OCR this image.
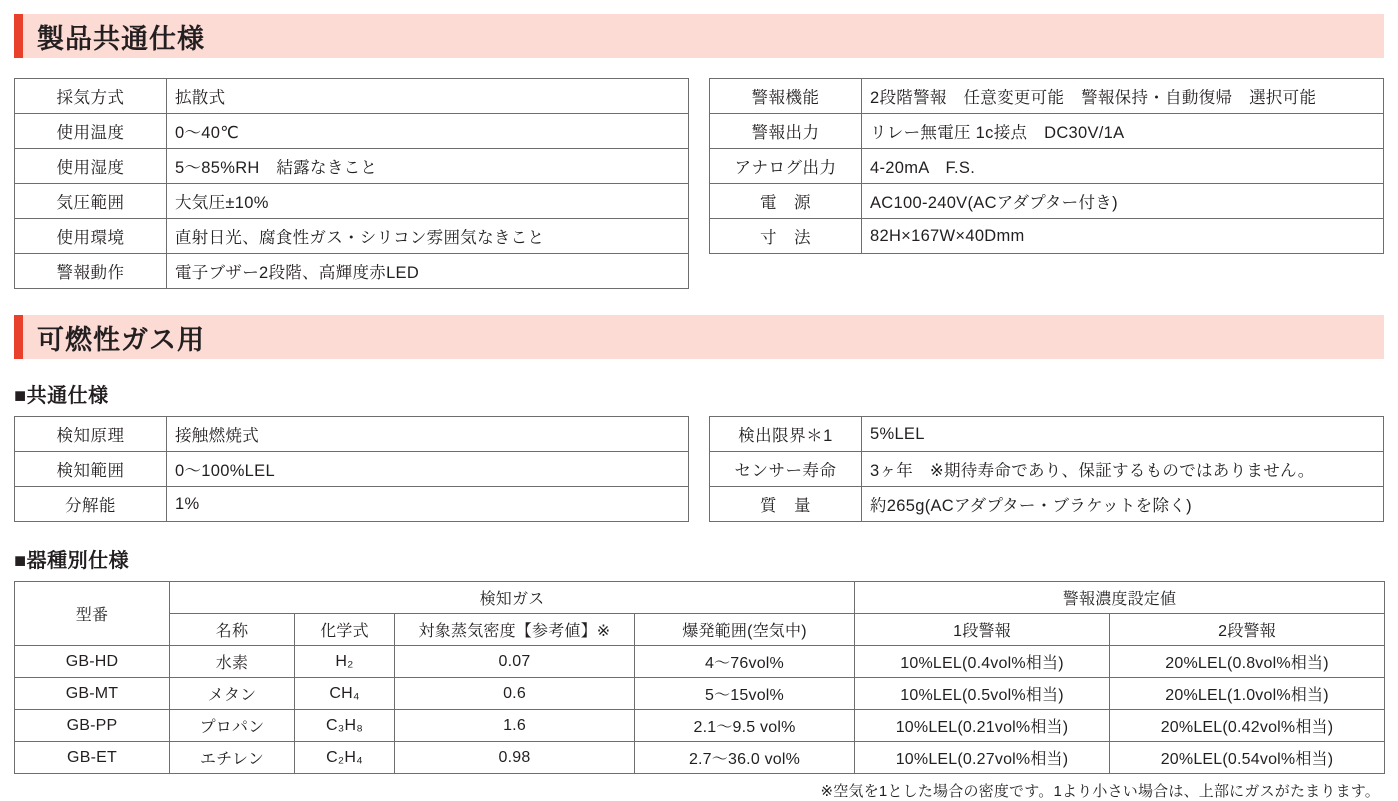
製品共通仕様
採気方式	拡散式
使用温度	0〜40℃
使用湿度	5〜85%RH　結露なきこと
気圧範囲	大気圧±10%
使用環境	直射日光、腐食性ガス・シリコン雰囲気なきこと
警報動作	電子ブザー2段階、高輝度赤LED
警報機能	2段階警報　任意変更可能　警報保持・自動復帰　選択可能
警報出力	リレー無電圧 1c接点　DC30V/1A
アナログ出力	4-20mA　F.S.
電　源	AC100-240V(ACアダプター付き)
寸　法	82H×167W×40Dmm
可燃性ガス用
■共通仕様
検知原理	接触燃焼式
検知範囲	0〜100%LEL
分解能	1%
検出限界＊1	5%LEL
センサー寿命	3ヶ年　※期待寿命であり、保証するものではありません。
質　量	約265g(ACアダプター・ブラケットを除く)
■器種別仕様
型番	検知ガス				警報濃度設定値	
	名称	化学式	対象蒸気密度【参考値】※	爆発範囲(空気中)	1段警報	2段警報
GB-HD	水素	H₂	0.07	4〜76vol%	10%LEL(0.4vol%相当)	20%LEL(0.8vol%相当)
GB-MT	メタン	CH₄	0.6	5〜15vol%	10%LEL(0.5vol%相当)	20%LEL(1.0vol%相当)
GB-PP	プロパン	C₃H₈	1.6	2.1〜9.5 vol%	10%LEL(0.21vol%相当)	20%LEL(0.42vol%相当)
GB-ET	エチレン	C₂H₄	0.98	2.7〜36.0 vol%	10%LEL(0.27vol%相当)	20%LEL(0.54vol%相当)
※空気を1とした場合の密度です。1より小さい場合は、上部にガスがたまります。
